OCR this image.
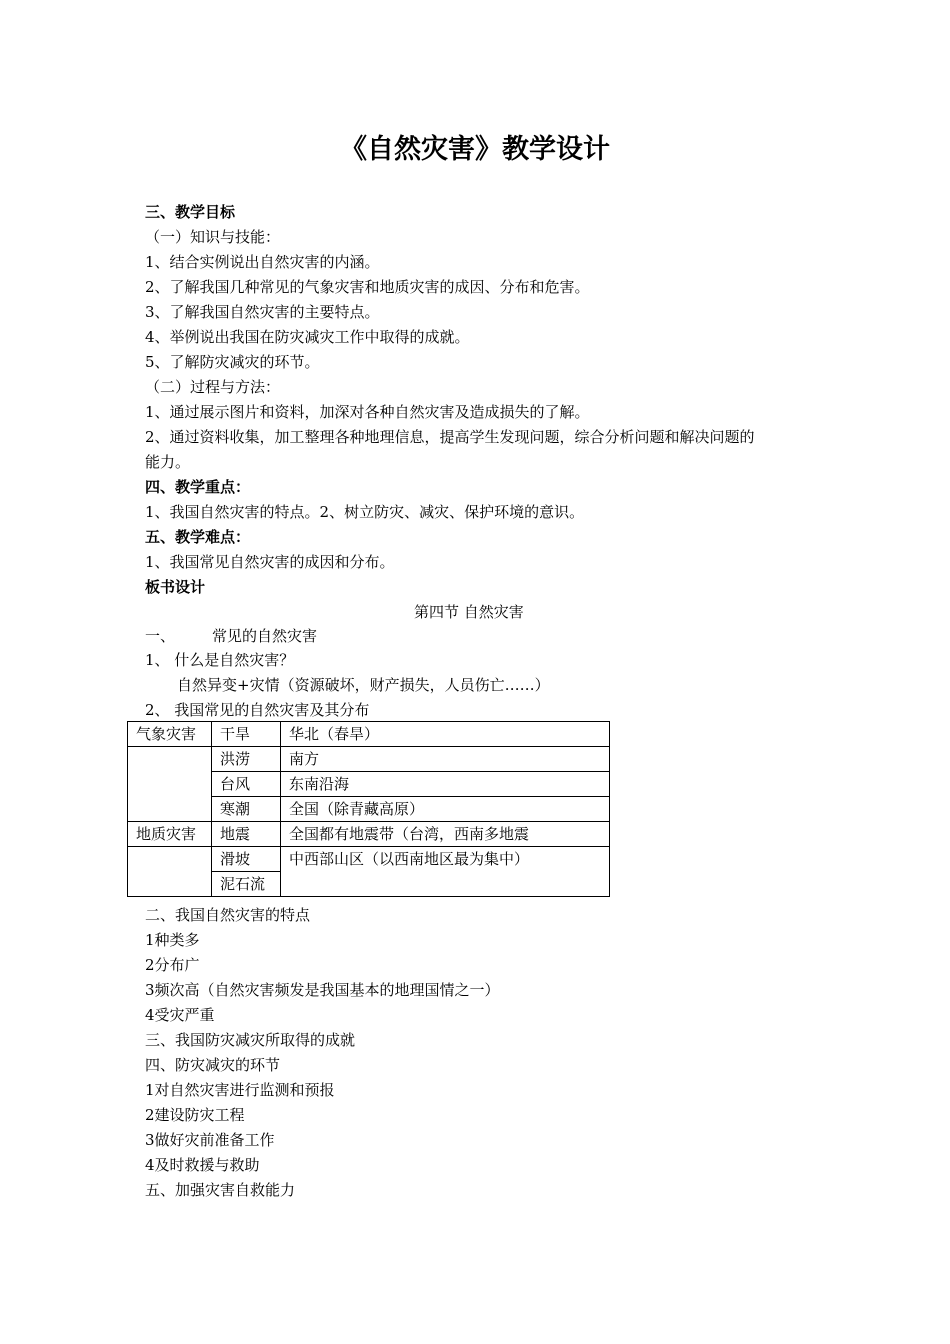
《自然灾害》教学设计
三、教学目标
（一）知识与技能：
1、结合实例说出自然灾害的内涵。
2、了解我国几种常见的气象灾害和地质灾害的成因、分布和危害。
3、了解我国自然灾害的主要特点。
4、举例说出我国在防灾减灾工作中取得的成就。
5、了解防灾减灾的环节。
（二）过程与方法：
1、通过展示图片和资料，加深对各种自然灾害及造成损失的了解。
2、通过资料收集，加工整理各种地理信息，提高学生发现问题，综合分析问题和解决问题的
能力。
四、教学重点：
1、我国自然灾害的特点。2、树立防灾、减灾、保护环境的意识。
五、教学难点：
1、我国常见自然灾害的成因和分布。
板书设计
第四节 自然灾害
一、 常见的自然灾害
1、 什么是自然灾害？
自然异变+灾情（资源破坏，财产损失，人员伤亡……）
2、 我国常见的自然灾害及其分布
气象灾害	干旱	华北（春旱）
	洪涝	南方
	台风	东南沿海
	寒潮	全国（除青藏高原）
地质灾害	地震	全国都有地震带（台湾，西南多地震
	滑坡	中西部山区（以西南地区最为集中）
	泥石流	
二、我国自然灾害的特点
1种类多
2分布广
3频次高（自然灾害频发是我国基本的地理国情之一）
4受灾严重
三、我国防灾减灾所取得的成就
四、防灾减灾的环节
1对自然灾害进行监测和预报
2建设防灾工程
3做好灾前准备工作
4及时救援与救助
五、加强灾害自救能力
